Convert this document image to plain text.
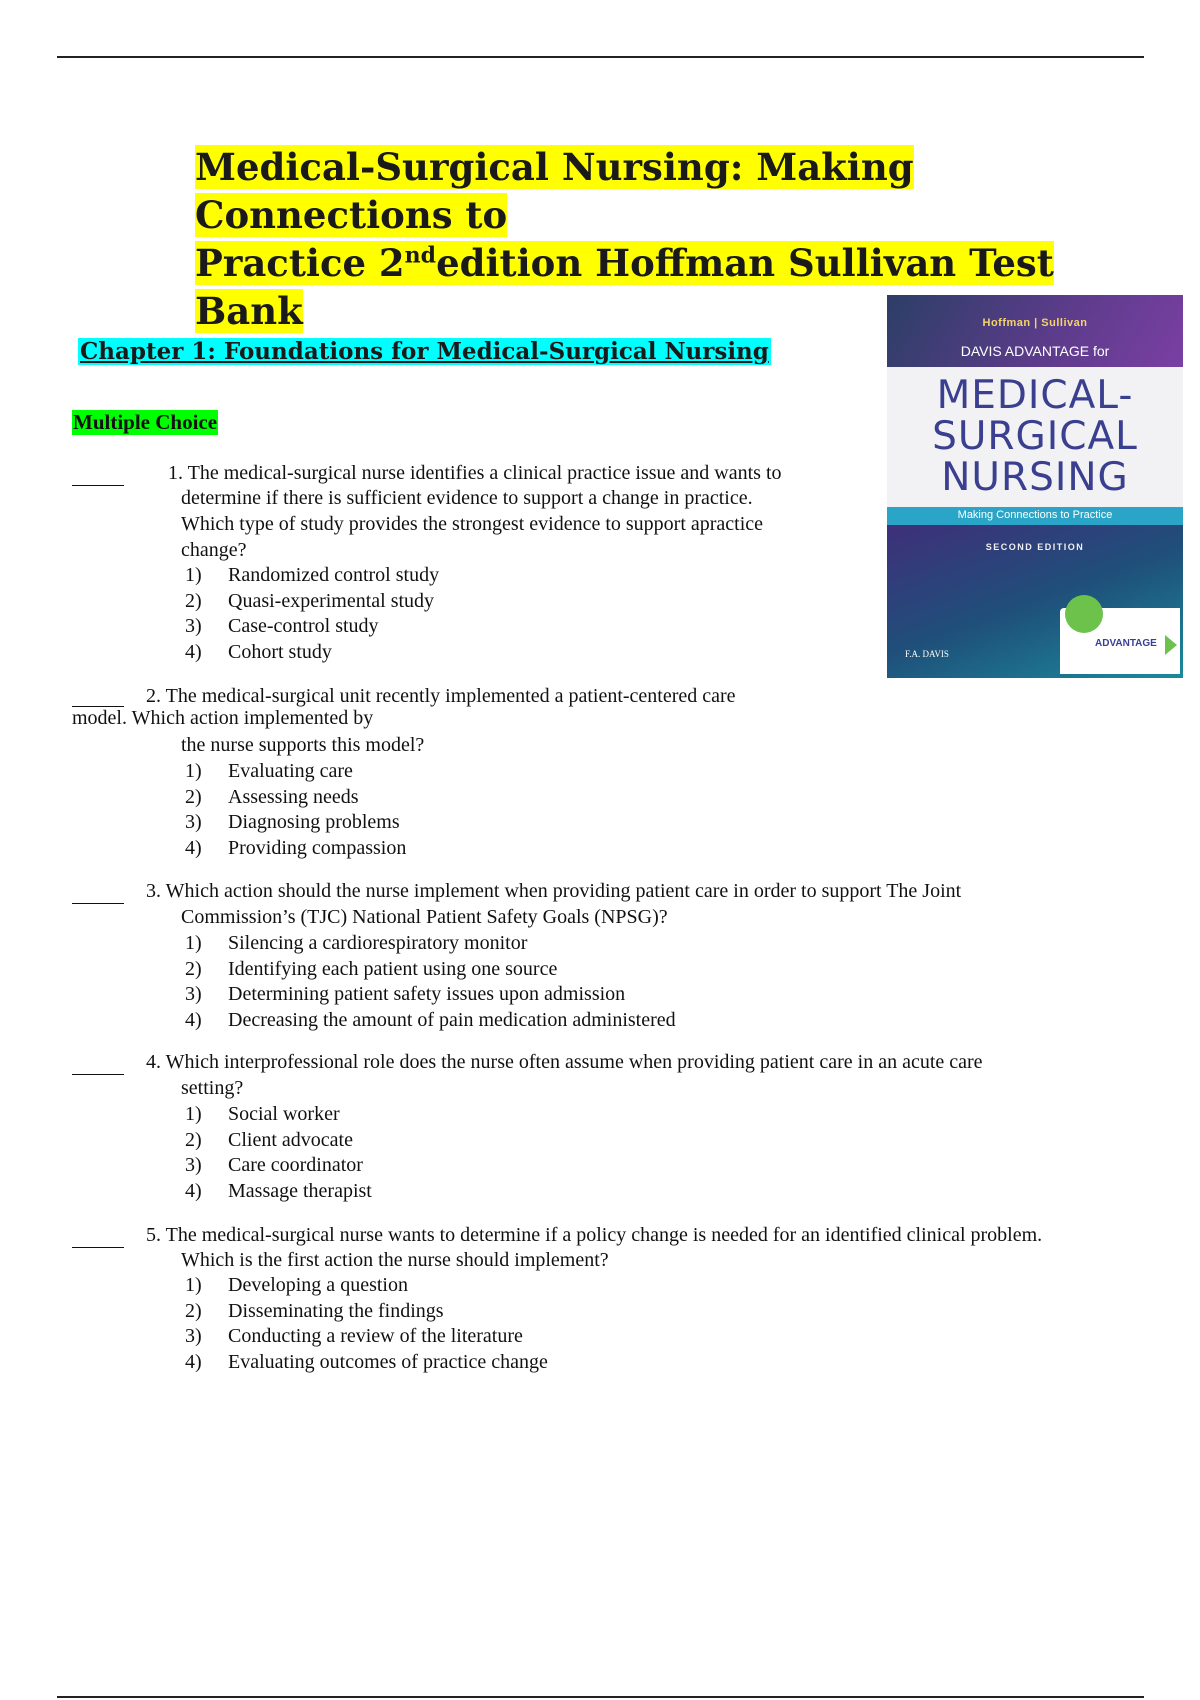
Medical-Surgical Nursing: Making Connections to
Practice 2ndedition Hoffman Sullivan Test Bank
Chapter 1: Foundations for Medical-Surgical Nursing
Multiple Choice
Hoffman | Sullivan
DAVIS ADVANTAGE for
MEDICAL-
SURGICAL
NURSING
Making Connections to Practice
SECOND EDITION
F.A. DAVIS
ADVANTAGE
1. The medical-surgical nurse identifies a clinical practice issue and wants to
determine if there is sufficient evidence to support a change in practice.
Which type of study provides the strongest evidence to support apractice
change?
1) Randomized control study
2) Quasi-experimental study
3) Case-control study
4) Cohort study
2. The medical-surgical unit recently implemented a patient-centered care
model. Which action implemented by
the nurse supports this model?
1) Evaluating care
2) Assessing needs
3) Diagnosing problems
4) Providing compassion
3. Which action should the nurse implement when providing patient care in order to support The Joint
Commission’s (TJC) National Patient Safety Goals (NPSG)?
1) Silencing a cardiorespiratory monitor
2) Identifying each patient using one source
3) Determining patient safety issues upon admission
4) Decreasing the amount of pain medication administered
4. Which interprofessional role does the nurse often assume when providing patient care in an acute care
setting?
1) Social worker
2) Client advocate
3) Care coordinator
4) Massage therapist
5. The medical-surgical nurse wants to determine if a policy change is needed for an identified clinical problem.
Which is the first action the nurse should implement?
1) Developing a question
2) Disseminating the findings
3) Conducting a review of the literature
4) Evaluating outcomes of practice change
